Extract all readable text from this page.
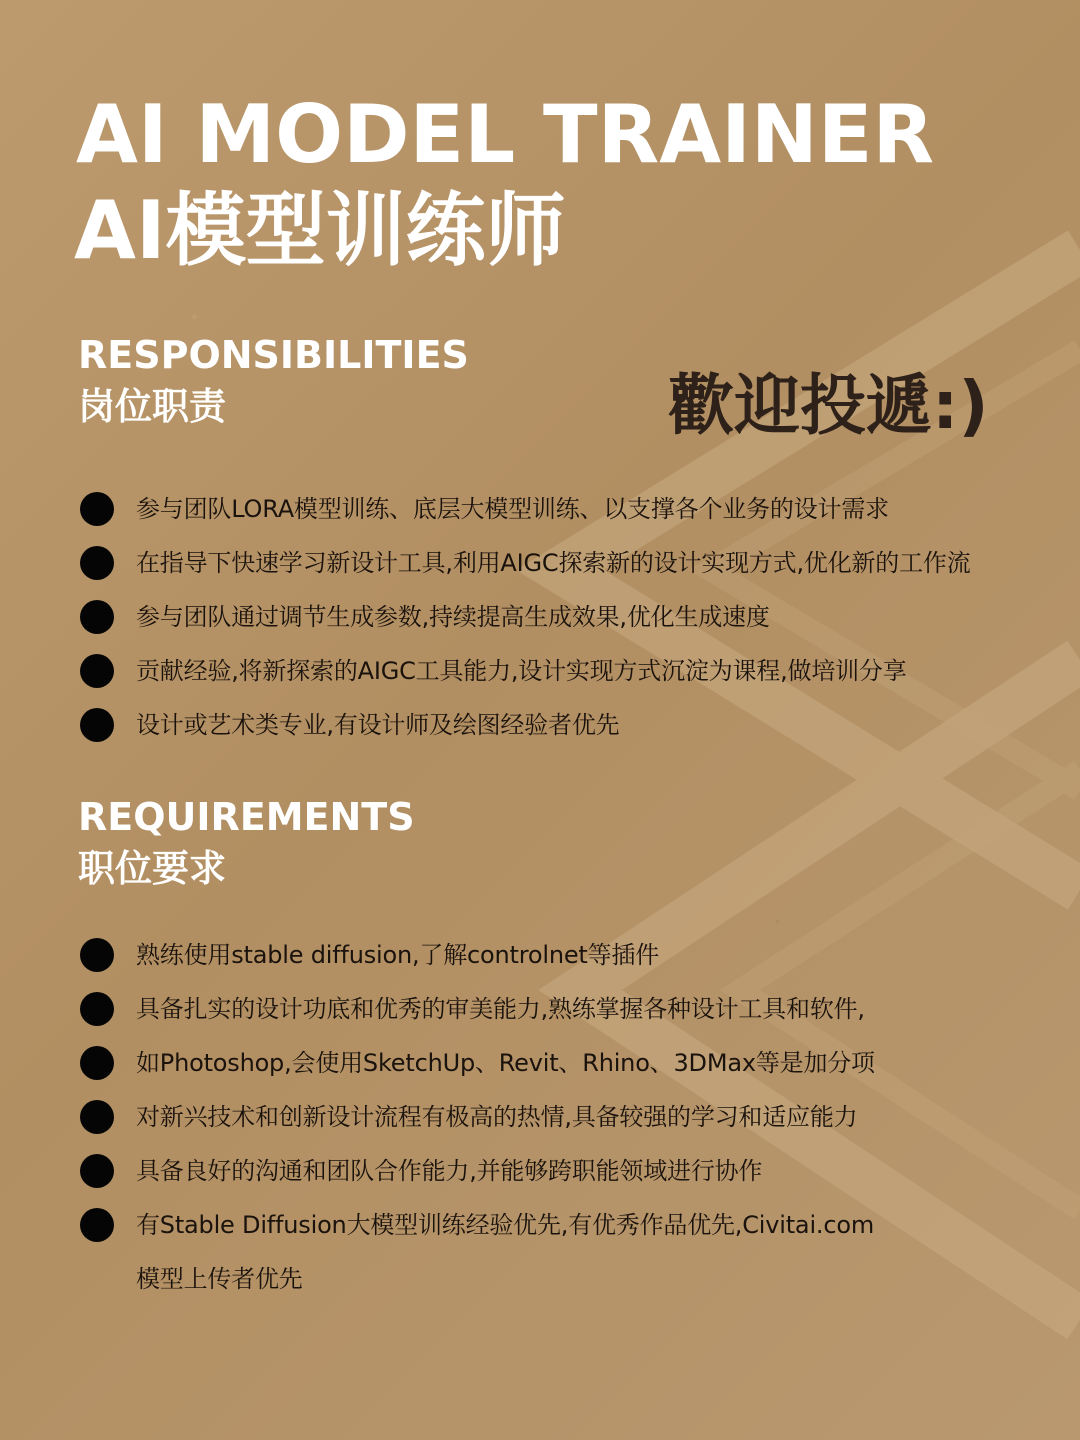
AI MODEL TRAINER
AI模型训练师
歡迎投遞:)
RESPONSIBILITIES
岗位职责
参与团队LORA模型训练、底层大模型训练、以支撑各个业务的设计需求
在指导下快速学习新设计工具,利用AIGC探索新的设计实现方式,优化新的工作流
参与团队通过调节生成参数,持续提高生成效果,优化生成速度
贡献经验,将新探索的AIGC工具能力,设计实现方式沉淀为课程,做培训分享
设计或艺术类专业,有设计师及绘图经验者优先
REQUIREMENTS
职位要求
熟练使用stable diffusion,了解controlnet等插件
具备扎实的设计功底和优秀的审美能力,熟练掌握各种设计工具和软件,
如Photoshop,会使用SketchUp、Revit、Rhino、3DMax等是加分项
对新兴技术和创新设计流程有极高的热情,具备较强的学习和适应能力
具备良好的沟通和团队合作能力,并能够跨职能领域进行协作
有Stable Diffusion大模型训练经验优先,有优秀作品优先,Civitai.com
模型上传者优先
